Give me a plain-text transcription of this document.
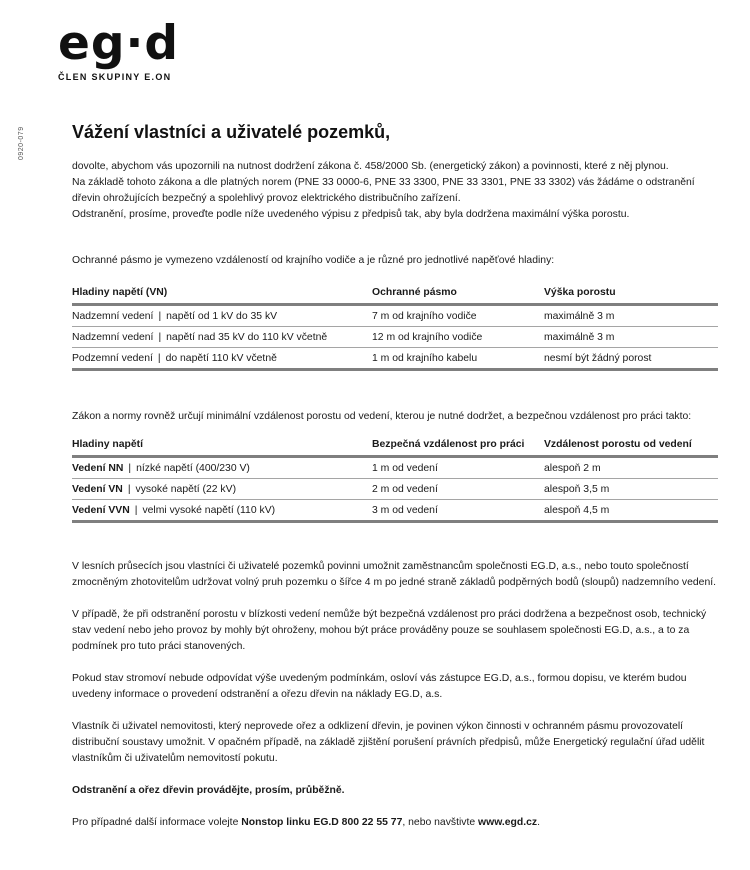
eg·d
ČLEN SKUPINY E.ON
0920-079	Vážení vlastníci a uživatelé pozemků,

dovolte, abychom vás upozornili na nutnost dodržení zákona č. 458/2000 Sb. (energetický zákon) a povinnosti, které z něj plynou.

Na základě tohoto zákona a dle platných norem (PNE 33 0000-6, PNE 33 3300, PNE 33 3301, PNE 33 3302) vás žádáme o odstranění dřevin ohrožujících bezpečný a spolehlivý provoz elektrického distribučního zařízení.

Odstranění, prosíme, proveďte podle níže uvedeného výpisu z předpisů tak, aby byla dodržena maximální výška porostu.

Ochranné pásmo je vymezeno vzdáleností od krajního vodiče a je různé pro jednotlivé napěťové hladiny:

Hladiny napětí (VN)	Ochranné pásmo	Výška porostu
Nadzemní vedení | napětí od 1 kV do 35 kV	7 m od krajního vodiče	maximálně 3 m
Nadzemní vedení | napětí nad 35 kV do 110 kV včetně	12 m od krajního vodiče	maximálně 3 m
Podzemní vedení | do napětí 110 kV včetně	1 m od krajního kabelu	nesmí být žádný porost

Zákon a normy rovněž určují minimální vzdálenost porostu od vedení, kterou je nutné dodržet, a bezpečnou vzdálenost pro práci takto:

Hladiny napětí	Bezpečná vzdálenost pro práci	Vzdálenost porostu od vedení
Vedení NN | nízké napětí (400/230 V)	1 m od vedení	alespoň 2 m
Vedení VN | vysoké napětí (22 kV)	2 m od vedení	alespoň 3,5 m
Vedení VVN | velmi vysoké napětí (110 kV)	3 m od vedení	alespoň 4,5 m

V lesních průsecích jsou vlastníci či uživatelé pozemků povinni umožnit zaměstnancům společnosti EG.D, a.s., nebo touto společností zmocněným zhotovitelům udržovat volný pruh pozemku o šířce 4 m po jedné straně základů podpěrných bodů (sloupů) nadzemního vedení.

V případě, že při odstranění porostu v blízkosti vedení nemůže být bezpečná vzdálenost pro práci dodržena a bezpečnost osob, technický stav vedení nebo jeho provoz by mohly být ohroženy, mohou být práce prováděny pouze se souhlasem společnosti EG.D, a.s., a to za podmínek pro tuto práci stanovených.

Pokud stav stromoví nebude odpovídat výše uvedeným podmínkám, osloví vás zástupce EG.D, a.s., formou dopisu, ve kterém budou uvedeny informace o provedení odstranění a ořezu dřevin na náklady EG.D, a.s.

Vlastník či uživatel nemovitosti, který neprovede ořez a odklizení dřevin, je povinen výkon činnosti v ochranném pásmu provozovatelí distribuční soustavy umožnit. V opačném případě, na základě zjištění porušení právních předpisů, může Energetický regulační úřad udělit vlastníkům či uživatelům nemovitostí pokutu.

Odstranění a ořez dřevin provádějte, prosím, průběžně.

Pro případné další informace volejte Nonstop linku EG.D 800 22 55 77, nebo navštivte www.egd.cz.
